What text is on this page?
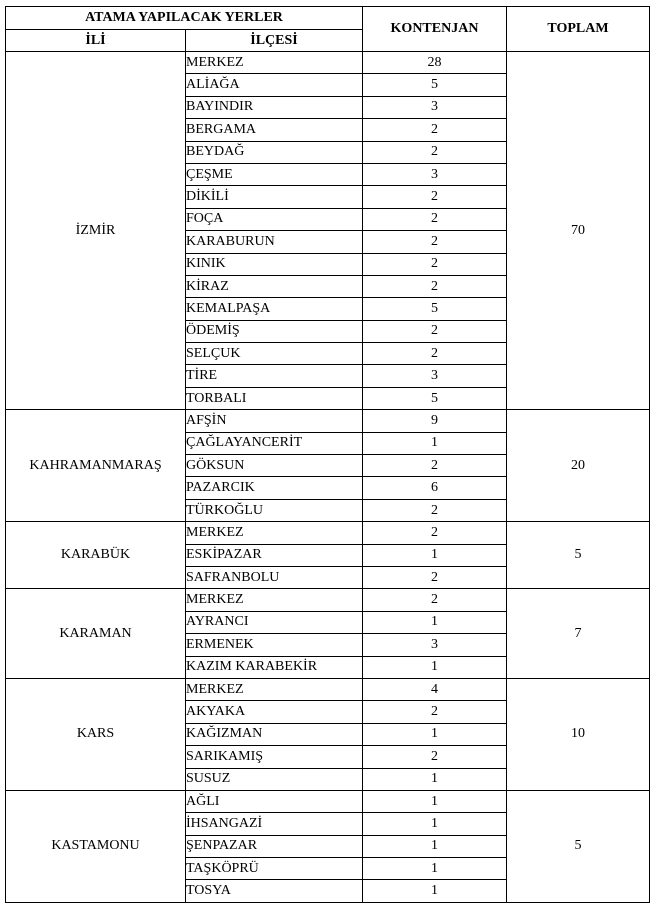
ATAMA YAPILACAK YERLER		KONTENJAN	TOPLAM
İLİ	İLÇESİ		
İZMİR	MERKEZ	28	70
	ALİAĞA	5	
	BAYINDIR	3	
	BERGAMA	2	
	BEYDAĞ	2	
	ÇEŞME	3	
	DİKİLİ	2	
	FOÇA	2	
	KARABURUN	2	
	KINIK	2	
	KİRAZ	2	
	KEMALPAŞA	5	
	ÖDEMİŞ	2	
	SELÇUK	2	
	TİRE	3	
	TORBALI	5	
KAHRAMANMARAŞ	AFŞİN	9	20
	ÇAĞLAYANCERİT	1	
	GÖKSUN	2	
	PAZARCIK	6	
	TÜRKOĞLU	2	
KARABÜK	MERKEZ	2	5
	ESKİPAZAR	1	
	SAFRANBOLU	2	
KARAMAN	MERKEZ	2	7
	AYRANCI	1	
	ERMENEK	3	
	KAZIM KARABEKİR	1	
KARS	MERKEZ	4	10
	AKYAKA	2	
	KAĞIZMAN	1	
	SARIKAMIŞ	2	
	SUSUZ	1	
KASTAMONU	AĞLI	1	5
	İHSANGAZİ	1	
	ŞENPAZAR	1	
	TAŞKÖPRÜ	1	
	TOSYA	1	
